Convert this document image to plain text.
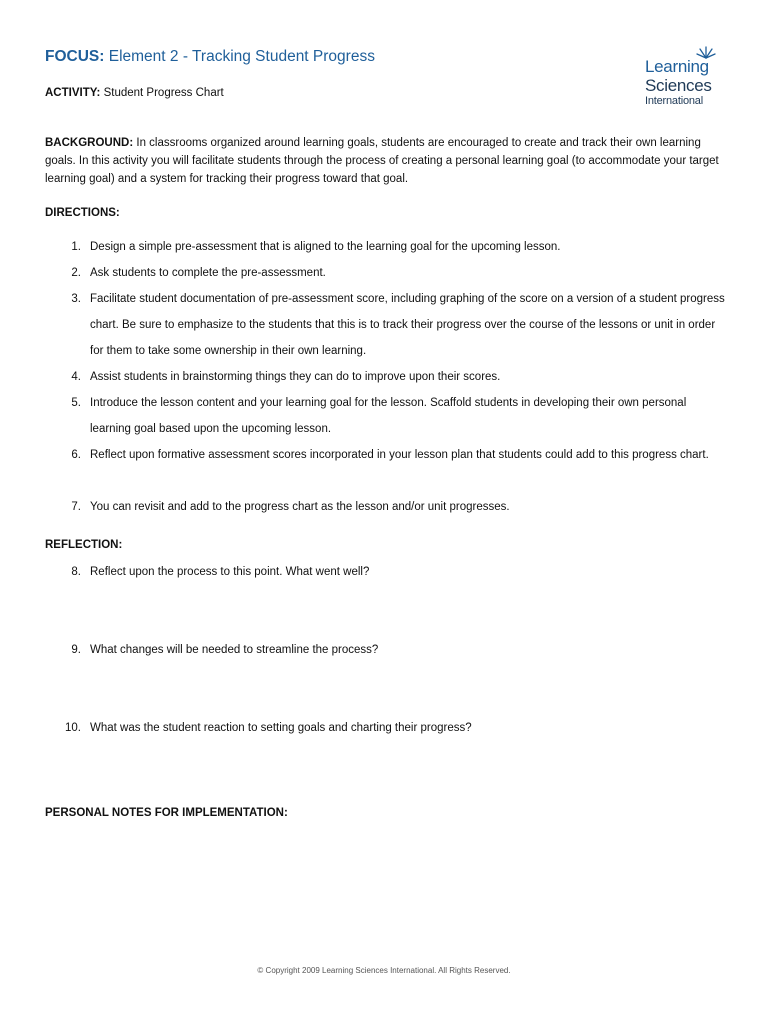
FOCUS: Element 2 - Tracking Student Progress
Learning
Sciences
International
ACTIVITY: Student Progress Chart
BACKGROUND: In classrooms organized around learning goals, students are encouraged to create and track their own learning goals. In this activity you will facilitate students through the process of creating a personal learning goal (to accommodate your target learning goal) and a system for tracking their progress toward that goal.
DIRECTIONS:
1. Design a simple pre-assessment that is aligned to the learning goal for the upcoming lesson.
2. Ask students to complete the pre-assessment.
3. Facilitate student documentation of pre-assessment score, including graphing of the score on a version of a student progress chart. Be sure to emphasize to the students that this is to track their progress over the course of the lessons or unit in order for them to take some ownership in their own learning.
4. Assist students in brainstorming things they can do to improve upon their scores.
5. Introduce the lesson content and your learning goal for the lesson. Scaffold students in developing their own personal learning goal based upon the upcoming lesson.
6. Reflect upon formative assessment scores incorporated in your lesson plan that students could add to this progress chart.
7. You can revisit and add to the progress chart as the lesson and/or unit progresses.
REFLECTION:
8. Reflect upon the process to this point. What went well?
9. What changes will be needed to streamline the process?
10. What was the student reaction to setting goals and charting their progress?
PERSONAL NOTES FOR IMPLEMENTATION:
© Copyright 2009 Learning Sciences International. All Rights Reserved.
